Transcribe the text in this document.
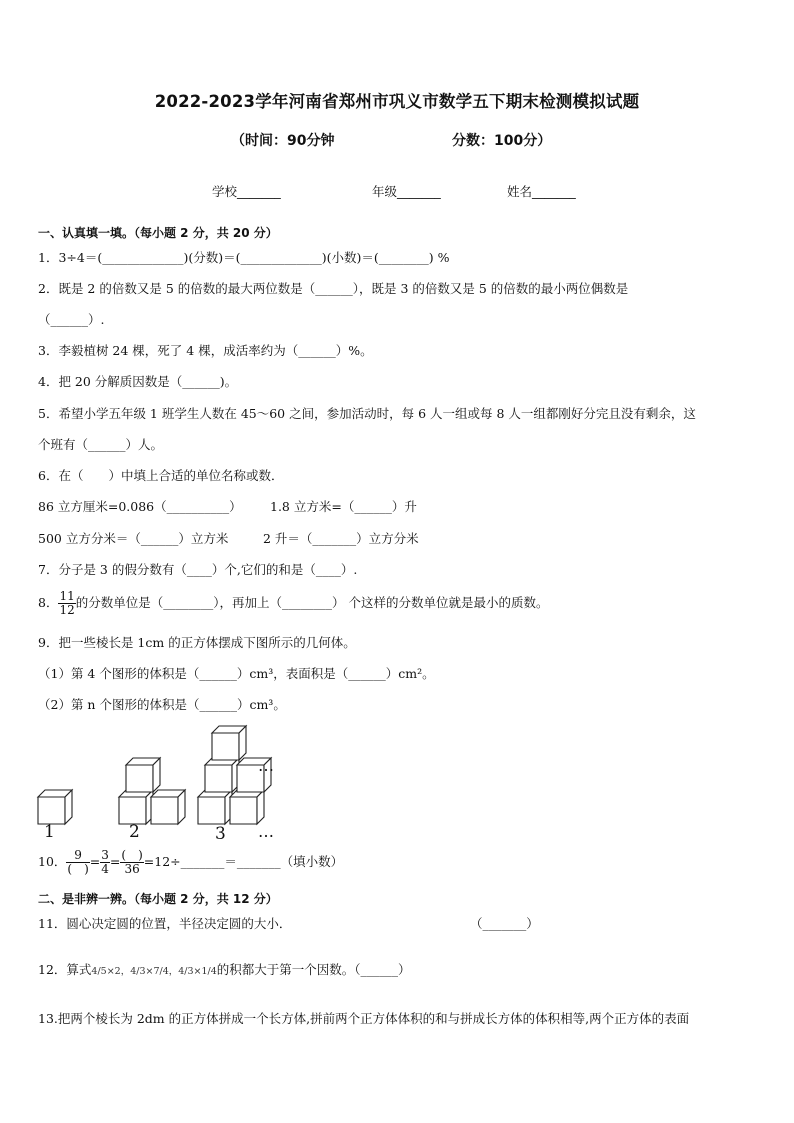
2022-2023学年河南省郑州市巩义市数学五下期末检测模拟试题
（时间：90分钟	分数：100分）
学校_______	年级_______	姓名_______
一、认真填一填。（每小题 2 分，共 20 分）
1．3÷4＝(_____________)(分数)＝(_____________)(小数)＝(________) %
2．既是 2 的倍数又是 5 的倍数的最大两位数是（______），既是 3 的倍数又是 5 的倍数的最小两位偶数是
（______）.
3．李毅植树 24 棵，死了 4 棵，成活率约为（______）%。
4．把 20 分解质因数是（______)。
5．希望小学五年级 1 班学生人数在 45～60 之间，参加活动时，每 6 人一组或每 8 人一组都刚好分完且没有剩余，这
个班有（______）人。
6．在（　　）中填上合适的单位名称或数．
86 立方厘米=0.086（__________） 1.8 立方米=（______）升
500 立方分米＝（______）立方米	2 升＝（_______）立方分米
7．分子是 3 的假分数有（____）个,它们的和是（____）.
8． $\frac{11}{12}$ 的分数单位是（________），再加上（________） 个这样的分数单位就是最小的质数。
9．把一些棱长是 1cm 的正方体摆成下图所示的几何体。
（1）第 4 个图形的体积是（______）cm³，表面积是（______）cm²。
（2）第 n 个图形的体积是（______）cm³。
1	2	3
…
…
10． $\frac{9}{( )} = \frac{3}{4} = \frac{( )}{36}$ =12÷_______＝_______（填小数）
二、是非辨一辨。（每小题 2 分，共 12 分）
11．圆心决定圆的位置，半径决定圆的大小．	（_______）
12．算式4/5×2，4/3×7/4，4/3×1/4的积都大于第一个因数。（______）
13.把两个棱长为 2dm 的正方体拼成一个长方体,拼前两个正方体体积的和与拼成长方体的体积相等,两个正方体的表面
